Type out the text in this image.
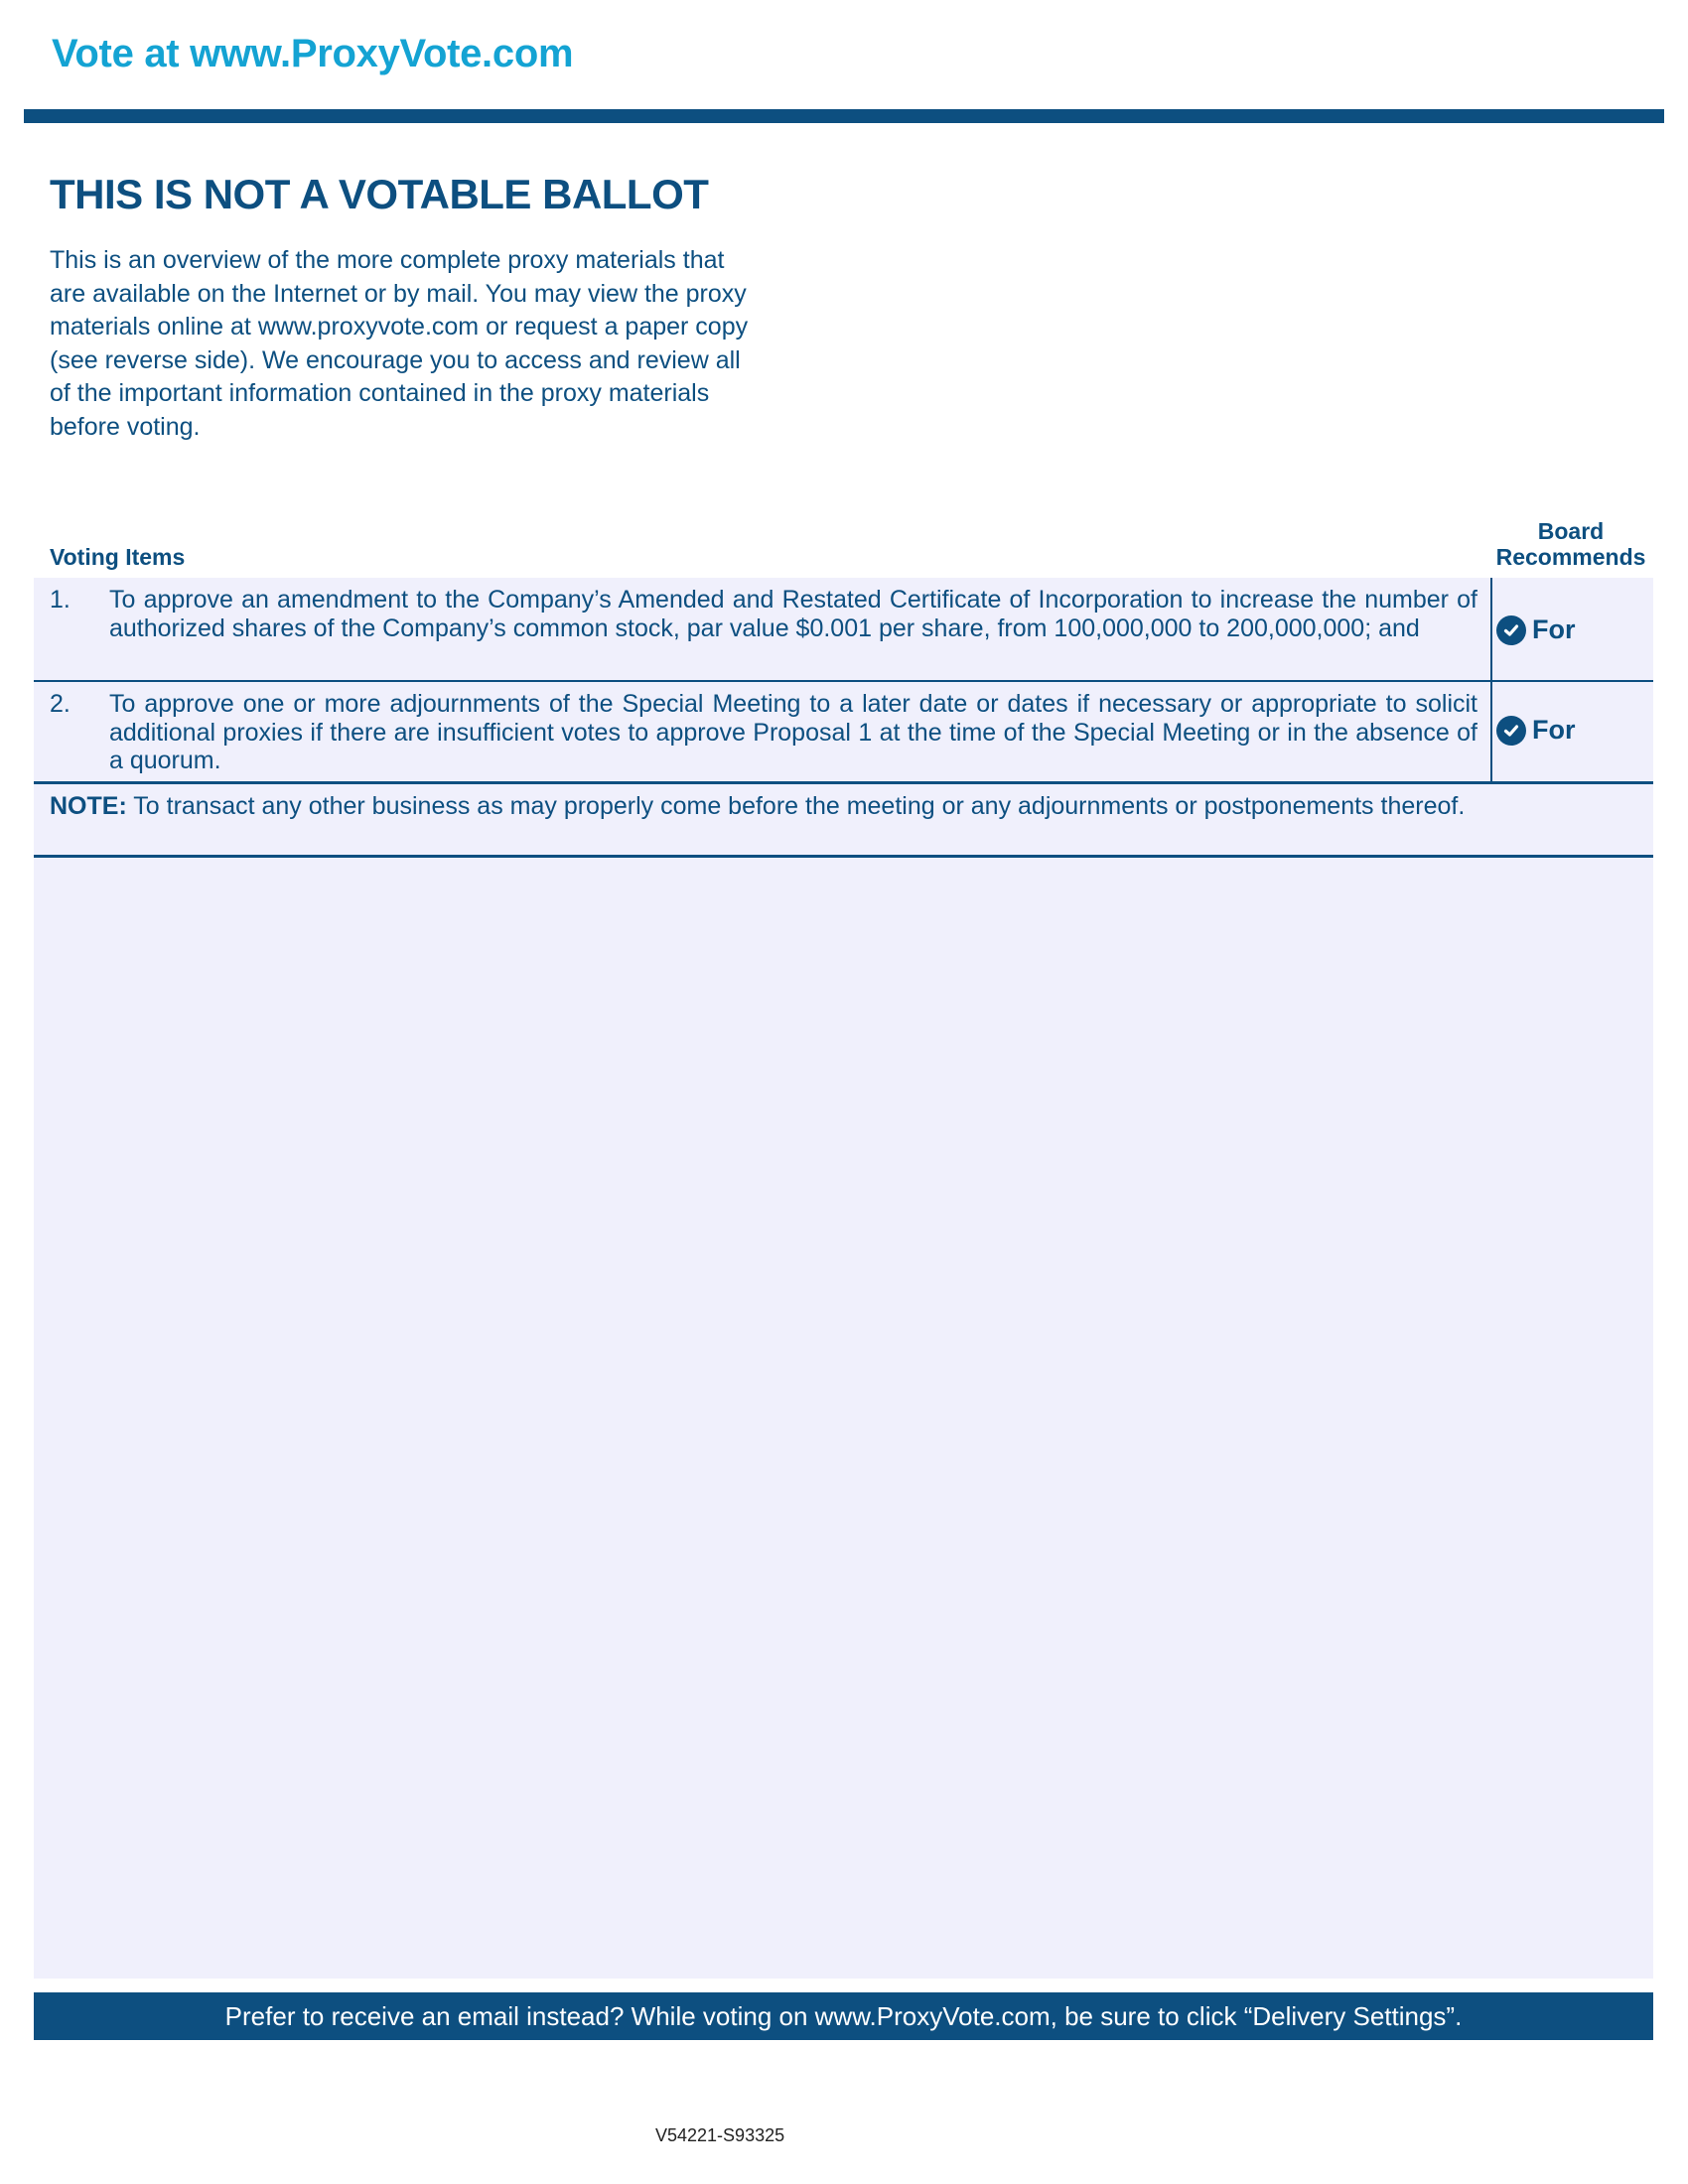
Vote at www.ProxyVote.com
THIS IS NOT A VOTABLE BALLOT
This is an overview of the more complete proxy materials that
are available on the Internet or by mail. You may view the proxy
materials online at www.proxyvote.com or request a paper copy
(see reverse side). We encourage you to access and review all
of the important information contained in the proxy materials
before voting.
Voting Items
Board
Recommends
1. To approve an amendment to the Company’s Amended and Restated Certificate of Incorporation to increase the number of authorized shares of the Company’s common stock, par value $0.001 per share, from 100,000,000 to 200,000,000; and	For
2. To approve one or more adjournments of the Special Meeting to a later date or dates if necessary or appropriate to solicit additional proxies if there are insufficient votes to approve Proposal 1 at the time of the Special Meeting or in the absence of a quorum.
For
NOTE: To transact any other business as may properly come before the meeting or any adjournments or postponements thereof.
Prefer to receive an email instead? While voting on www.ProxyVote.com, be sure to click “Delivery Settings”.
V54221-S93325
